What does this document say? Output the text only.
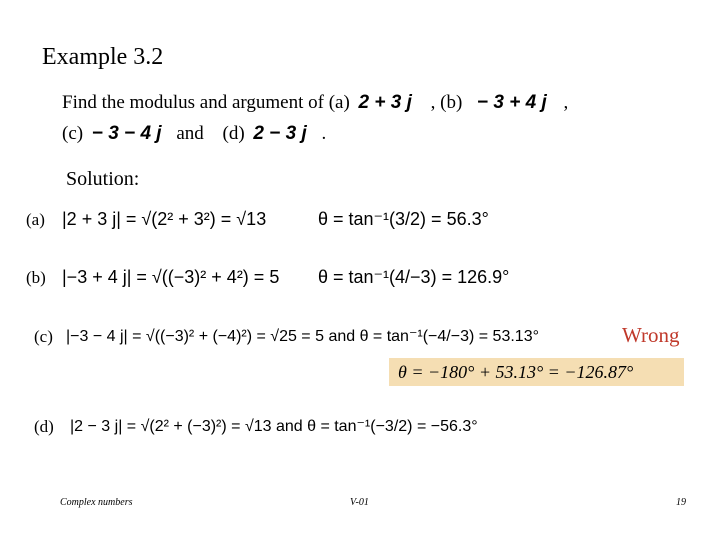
Example 3.2
Find the modulus and argument of (a) 2 + 3 j , (b) − 3 + 4 j ,
(c) − 3 − 4 j and (d) 2 − 3 j .
Solution:
(a) |2 + 3 j| = √(2² + 3²) = √13	θ = tan⁻¹(3/2) = 56.3°
(b) |−3 + 4 j| = √((−3)² + 4²) = 5 θ = tan⁻¹(4/−3) = 126.9°
(c) |−3 − 4 j| = √((−3)² + (−4)²) = √25 = 5 and θ = tan⁻¹(−4/−3) = 53.13°	Wrong
θ = −180° + 53.13° = −126.87°
(d) |2 − 3 j| = √(2² + (−3)²) = √13 and θ = tan⁻¹(−3/2) = −56.3°
Complex numbers	V-01	19
